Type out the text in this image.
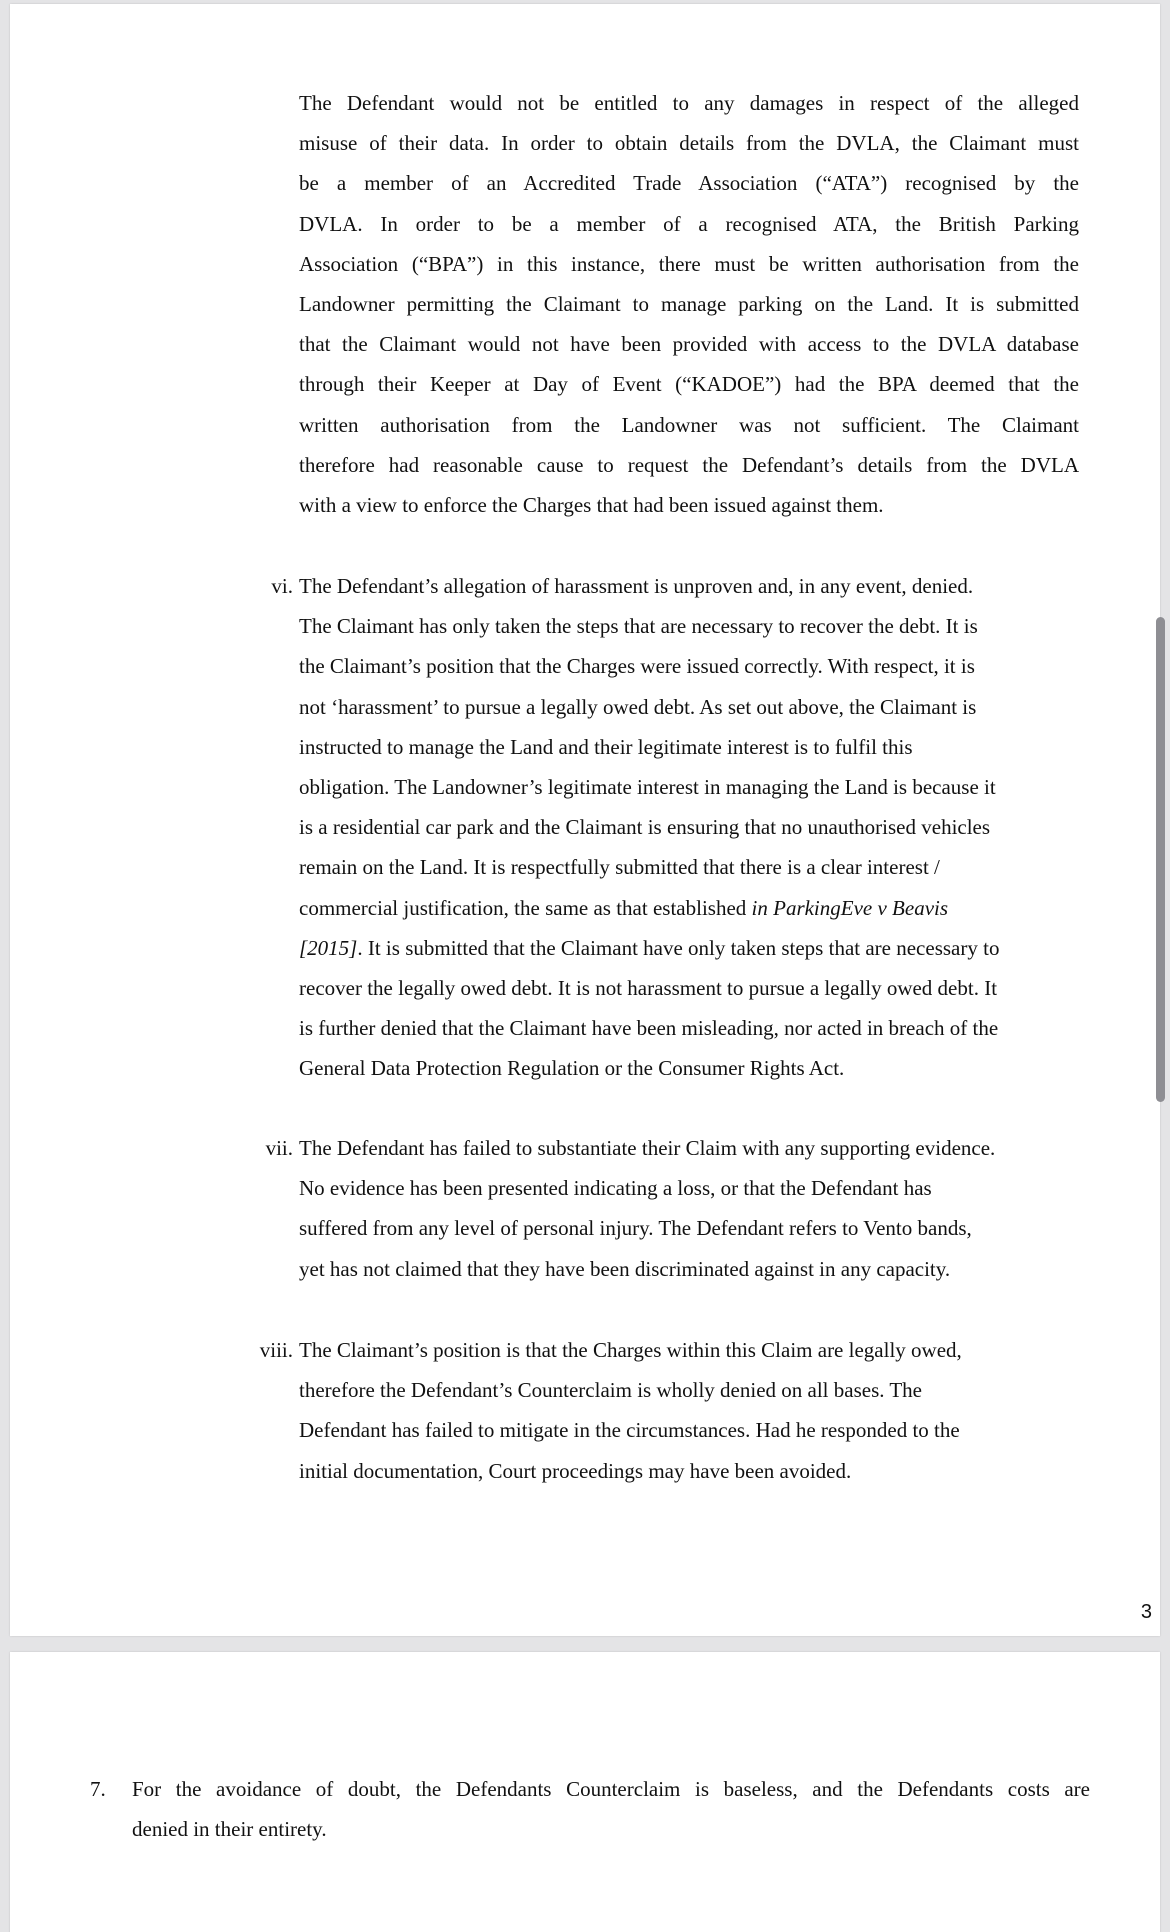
The Defendant would not be entitled to any damages in respect of the alleged
misuse of their data. In order to obtain details from the DVLA, the Claimant must
be a member of an Accredited Trade Association (“ATA”) recognised by the
DVLA. In order to be a member of a recognised ATA, the British Parking
Association (“BPA”) in this instance, there must be written authorisation from the
Landowner permitting the Claimant to manage parking on the Land. It is submitted
that the Claimant would not have been provided with access to the DVLA database
through their Keeper at Day of Event (“KADOE”) had the BPA deemed that the
written authorisation from the Landowner was not sufficient. The Claimant
therefore had reasonable cause to request the Defendant’s details from the DVLA
with a view to enforce the Charges that had been issued against them.
vi. The Defendant’s allegation of harassment is unproven and, in any event, denied.
The Claimant has only taken the steps that are necessary to recover the debt. It is
the Claimant’s position that the Charges were issued correctly. With respect, it is
not ‘harassment’ to pursue a legally owed debt. As set out above, the Claimant is
instructed to manage the Land and their legitimate interest is to fulfil this
obligation. The Landowner’s legitimate interest in managing the Land is because it
is a residential car park and the Claimant is ensuring that no unauthorised vehicles
remain on the Land. It is respectfully submitted that there is a clear interest /
commercial justification, the same as that established in ParkingEve v Beavis
[2015]. It is submitted that the Claimant have only taken steps that are necessary to
recover the legally owed debt. It is not harassment to pursue a legally owed debt. It
is further denied that the Claimant have been misleading, nor acted in breach of the
General Data Protection Regulation or the Consumer Rights Act.
vii. The Defendant has failed to substantiate their Claim with any supporting evidence.
No evidence has been presented indicating a loss, or that the Defendant has
suffered from any level of personal injury. The Defendant refers to Vento bands,
yet has not claimed that they have been discriminated against in any capacity.
viii. The Claimant’s position is that the Charges within this Claim are legally owed,
therefore the Defendant’s Counterclaim is wholly denied on all bases. The
Defendant has failed to mitigate in the circumstances. Had he responded to the
initial documentation, Court proceedings may have been avoided.
3
7. For the avoidance of doubt, the Defendants Counterclaim is baseless, and the Defendants costs are
denied in their entirety.
